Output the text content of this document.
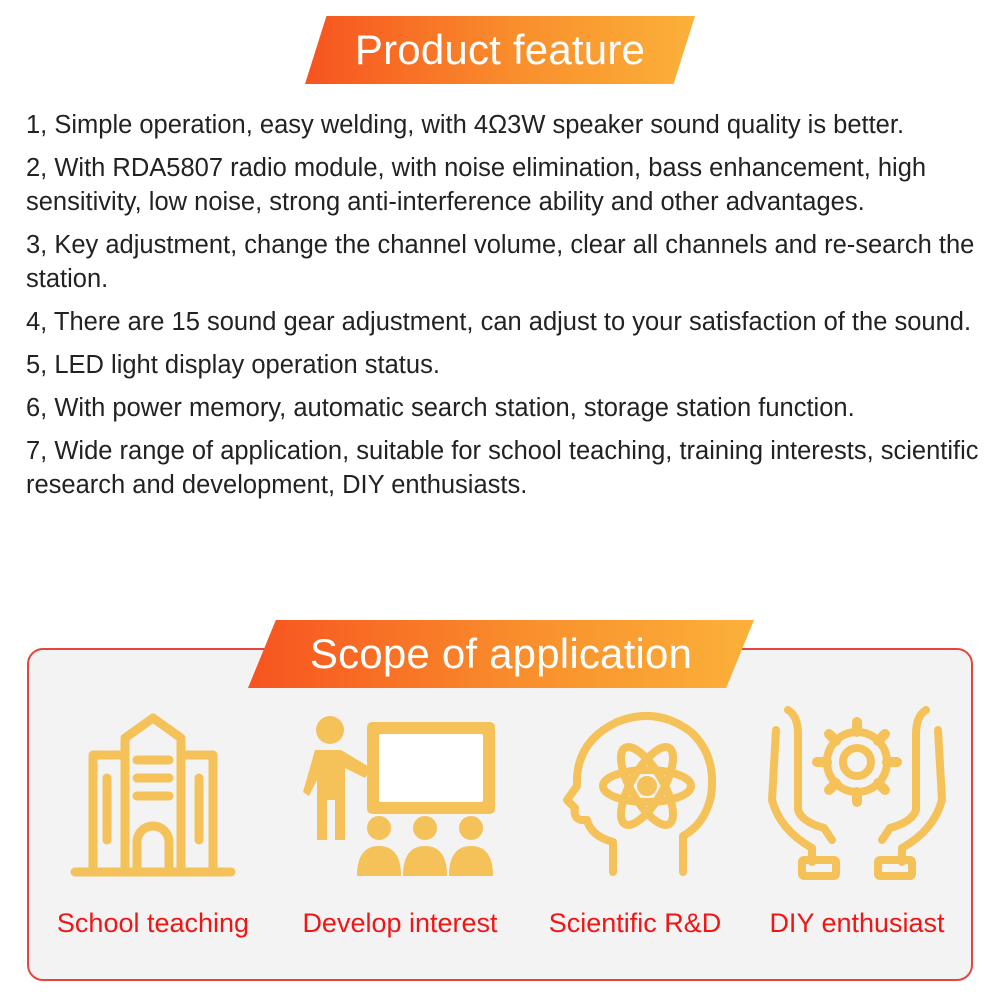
Product feature

1, Simple operation, easy welding, with 4Ω3W speaker sound quality is better.

2, With RDA5807 radio module, with noise elimination, bass enhancement, high sensitivity, low noise, strong anti-interference ability and other advantages.

3, Key adjustment, change the channel volume, clear all channels and re-search the station.

4, There are 15 sound gear adjustment, can adjust to your satisfaction of the sound.

5, LED light display operation status.

6, With power memory, automatic search station, storage station function.

7, Wide range of application, suitable for school teaching, training interests, scientific research and development, DIY enthusiasts.

Scope of application
School teaching	Develop interest	Scientific R&D	DIY enthusiast
